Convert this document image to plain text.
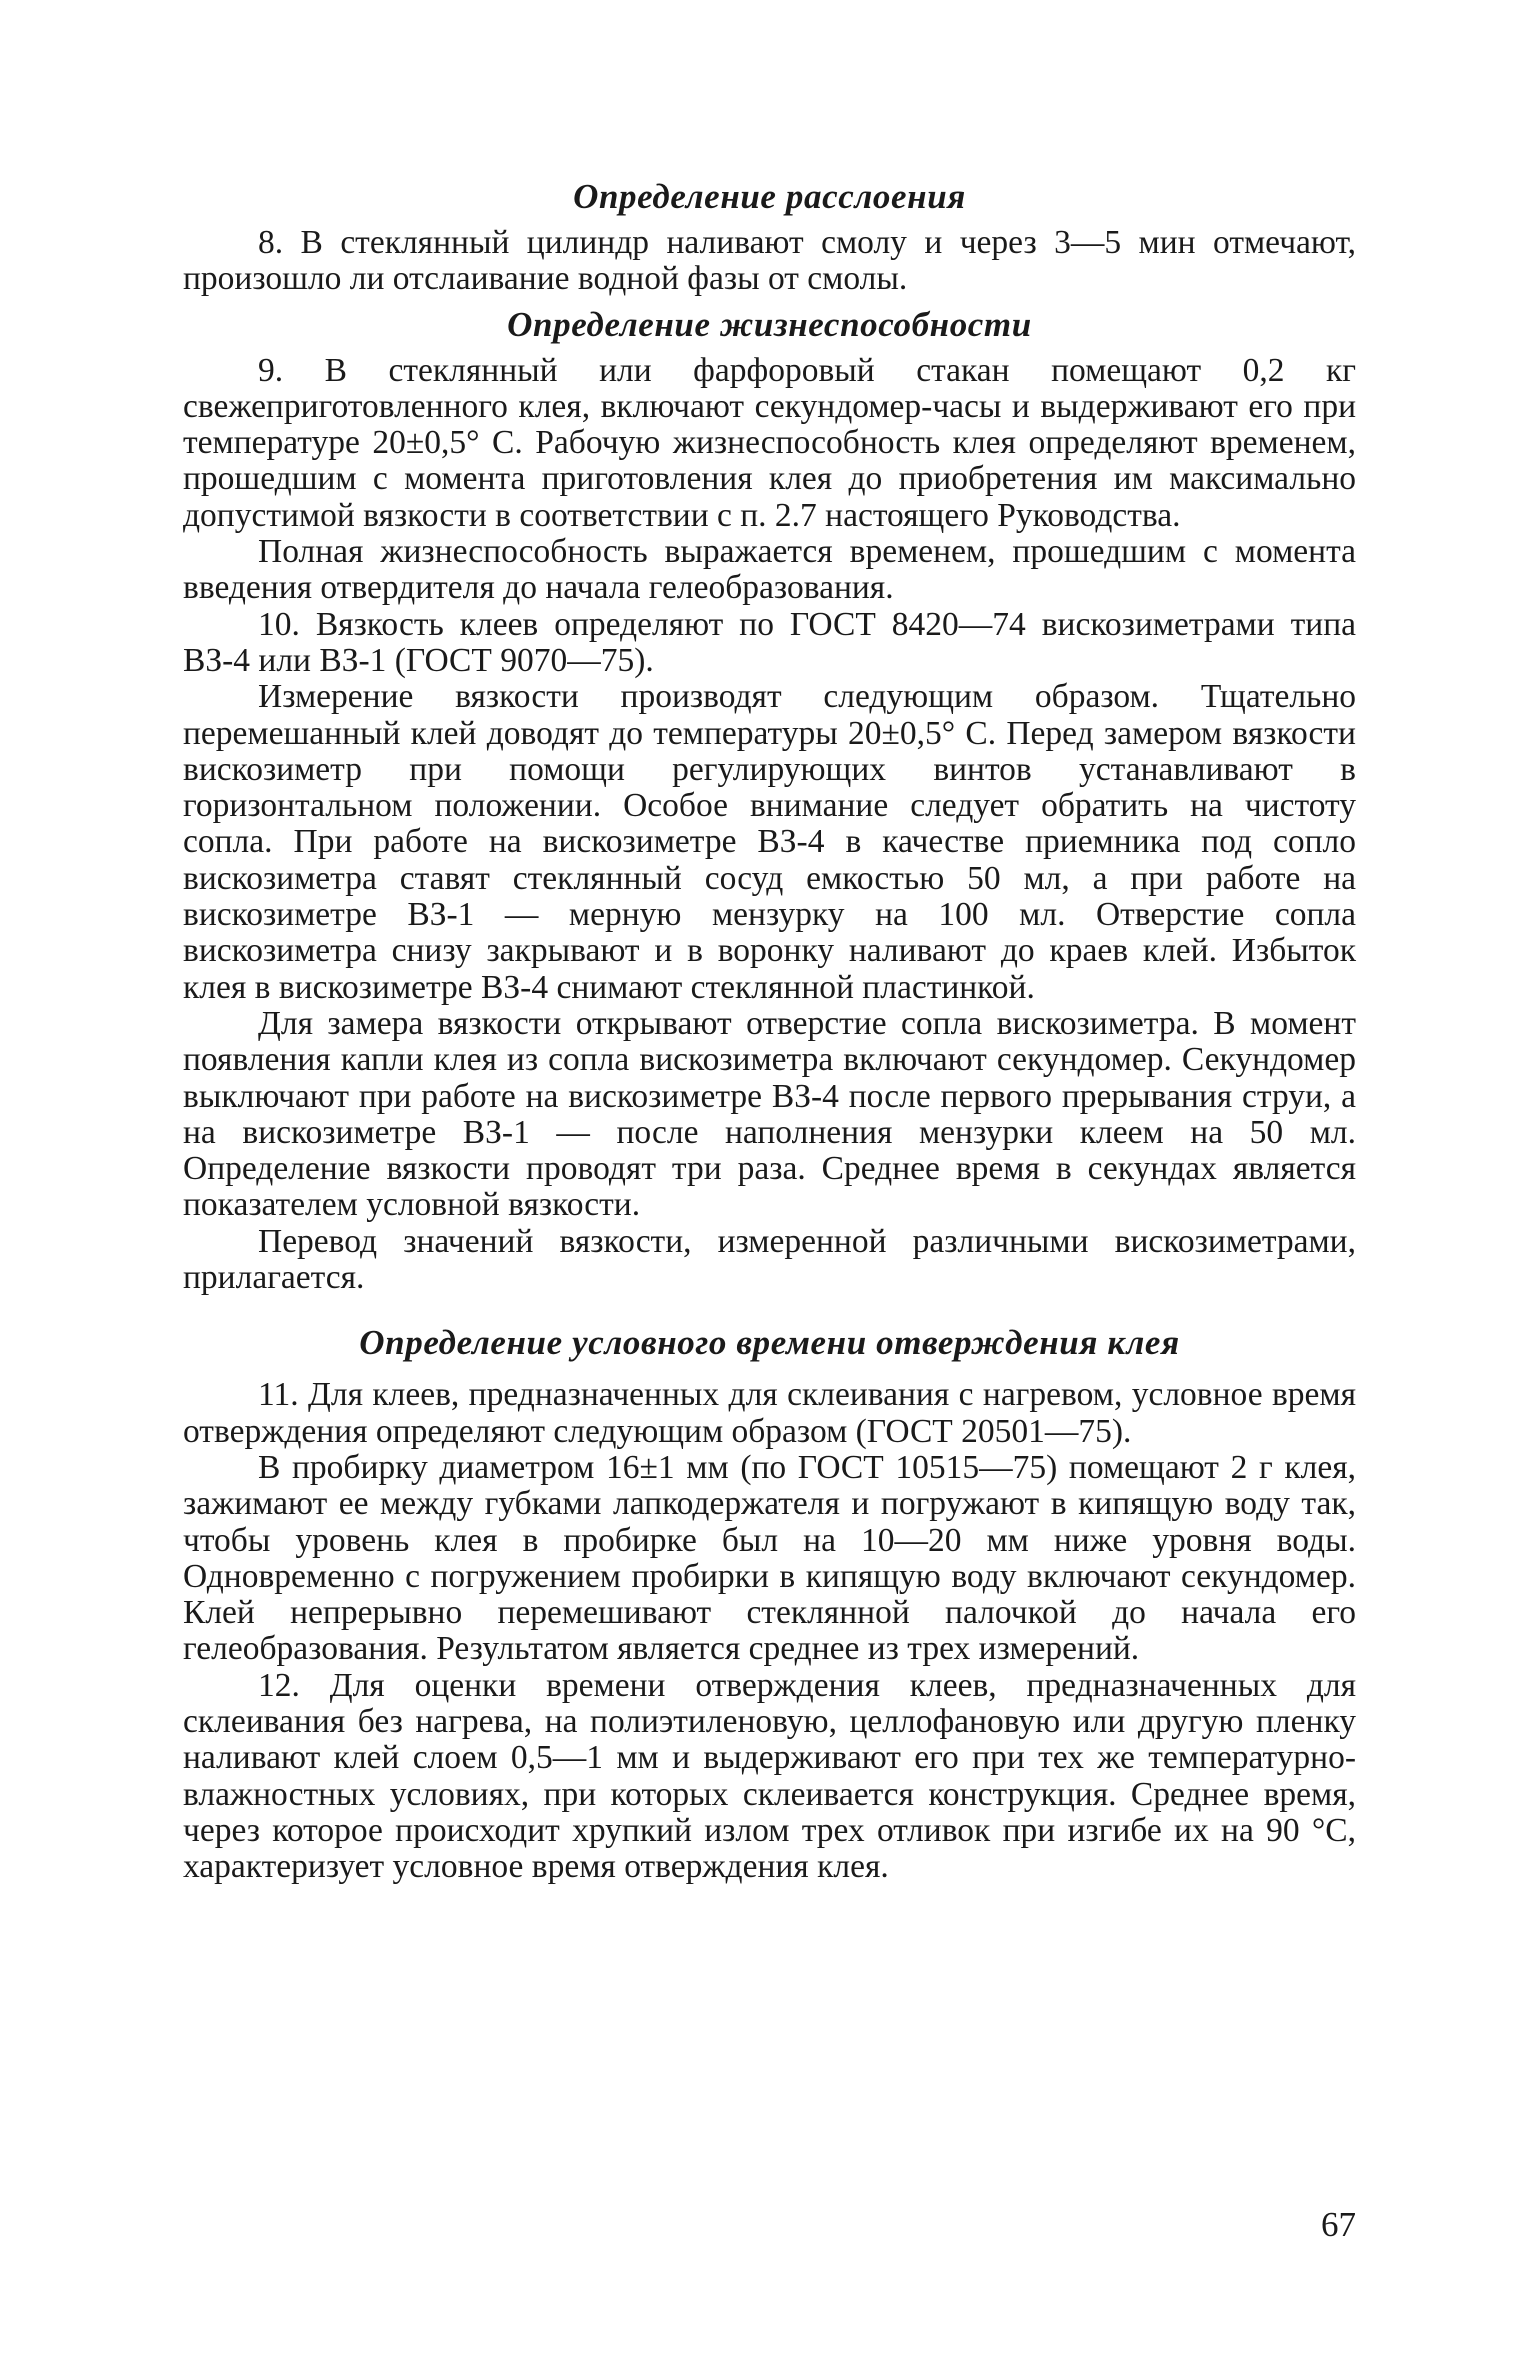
Определение расслоения

8. В стеклянный цилиндр наливают смолу и через 3—5 мин отмечают, произошло ли отслаивание водной фазы от смолы.

Определение жизнеспособности

9. В стеклянный или фарфоровый стакан помещают 0,2 кг свежеприготовленного клея, включают секундомер-часы и выдерживают его при температуре 20±0,5° С. Рабочую жизнеспособность клея определяют временем, прошедшим с момента приготовления клея до приобретения им максимально допустимой вязкости в соответствии с п. 2.7 настоящего Руководства.

Полная жизнеспособность выражается временем, прошедшим с момента введения отвердителя до начала гелеобразования.

10. Вязкость клеев определяют по ГОСТ 8420—74 вискозиметрами типа ВЗ-4 или ВЗ-1 (ГОСТ 9070—75).

Измерение вязкости производят следующим образом. Тщательно перемешанный клей доводят до температуры 20±0,5° С. Перед замером вязкости вискозиметр при помощи регулирующих винтов устанавливают в горизонтальном положении. Особое внимание следует обратить на чистоту сопла. При работе на вискозиметре ВЗ-4 в качестве приемника под сопло вискозиметра ставят стеклянный сосуд емкостью 50 мл, а при работе на вискозиметре ВЗ-1 — мерную мензурку на 100 мл. Отверстие сопла вискозиметра снизу закрывают и в воронку наливают до краев клей. Избыток клея в вискозиметре ВЗ-4 снимают стеклянной пластинкой.

Для замера вязкости открывают отверстие сопла вискозиметра. В момент появления капли клея из сопла вискозиметра включают секундомер. Секундомер выключают при работе на вискозиметре ВЗ-4 после первого прерывания струи, а на вискозиметре ВЗ-1 — после наполнения мензурки клеем на 50 мл. Определение вязкости проводят три раза. Среднее время в секундах является показателем условной вязкости.

Перевод значений вязкости, измеренной различными вискозиметрами, прилагается.

Определение условного времени отверждения клея

11. Для клеев, предназначенных для склеивания с нагревом, условное время отверждения определяют следующим образом (ГОСТ 20501—75).

В пробирку диаметром 16±1 мм (по ГОСТ 10515—75) помещают 2 г клея, зажимают ее между губками лапкодержателя и погружают в кипящую воду так, чтобы уровень клея в пробирке был на 10—20 мм ниже уровня воды. Одновременно с погружением пробирки в кипящую воду включают секундомер. Клей непрерывно перемешивают стеклянной палочкой до начала его гелеобразования. Результатом является среднее из трех измерений.

12. Для оценки времени отверждения клеев, предназначенных для склеивания без нагрева, на полиэтиленовую, целлофановую или другую пленку наливают клей слоем 0,5—1 мм и выдерживают его при тех же температурно-влажностных условиях, при которых склеивается конструкция. Среднее время, через которое происходит хрупкий излом трех отливок при изгибе их на 90 °С, характеризует условное время отверждения клея.

67
